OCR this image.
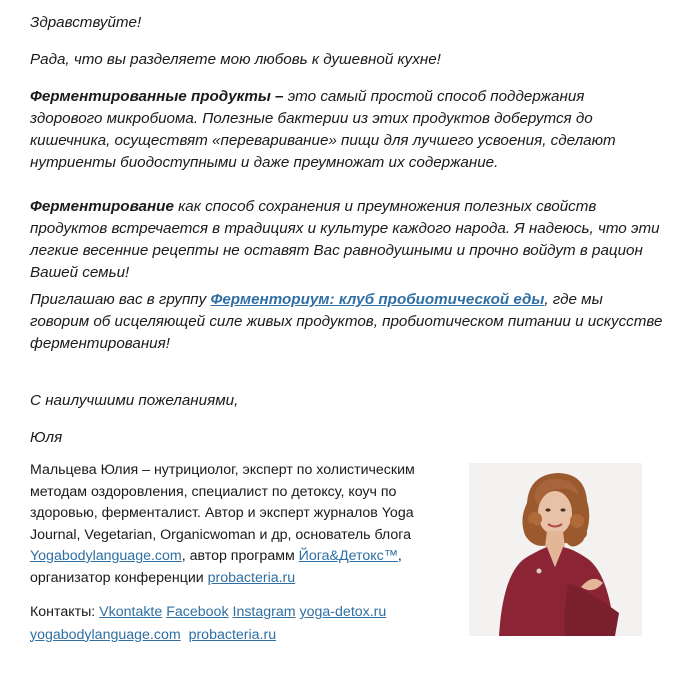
Здравствуйте!

Рада, что вы разделяете мою любовь к душевной кухне!

Ферментированные продукты – это самый простой способ поддержания здорового микробиома. Полезные бактерии из этих продуктов доберутся до кишечника, осуществят «переваривание» пищи для лучшего усвоения, сделают нутриенты биодоступными и даже преумножат их содержание.

Ферментирование как способ сохранения и преумножения полезных свойств продуктов встречается в традициях и культуре каждого народа. Я надеюсь, что эти легкие весенние рецепты не оставят Вас равнодушными и прочно войдут в рацион Вашей семьи!

Приглашаю вас в группу Ферменториум: клуб пробиотической еды, где мы говорим об исцеляющей силе живых продуктов, пробиотическом питании и искусстве ферментирования!

С наилучшими пожеланиями,

Юля

Мальцева Юлия – нутрициолог, эксперт по холистическим методам оздоровления, специалист по детоксу, коуч по здоровью, ферменталист. Автор и эксперт журналов Yoga Journal, Vegetarian, Organicwoman и др, основатель блога Yogabodylanguage.com, автор программ Йога&Детокс™, организатор конференции probacteria.ru

Контакты: Vkontakte Facebook Instagram yoga-detox.ru
yogabodylanguage.com probacteria.ru
